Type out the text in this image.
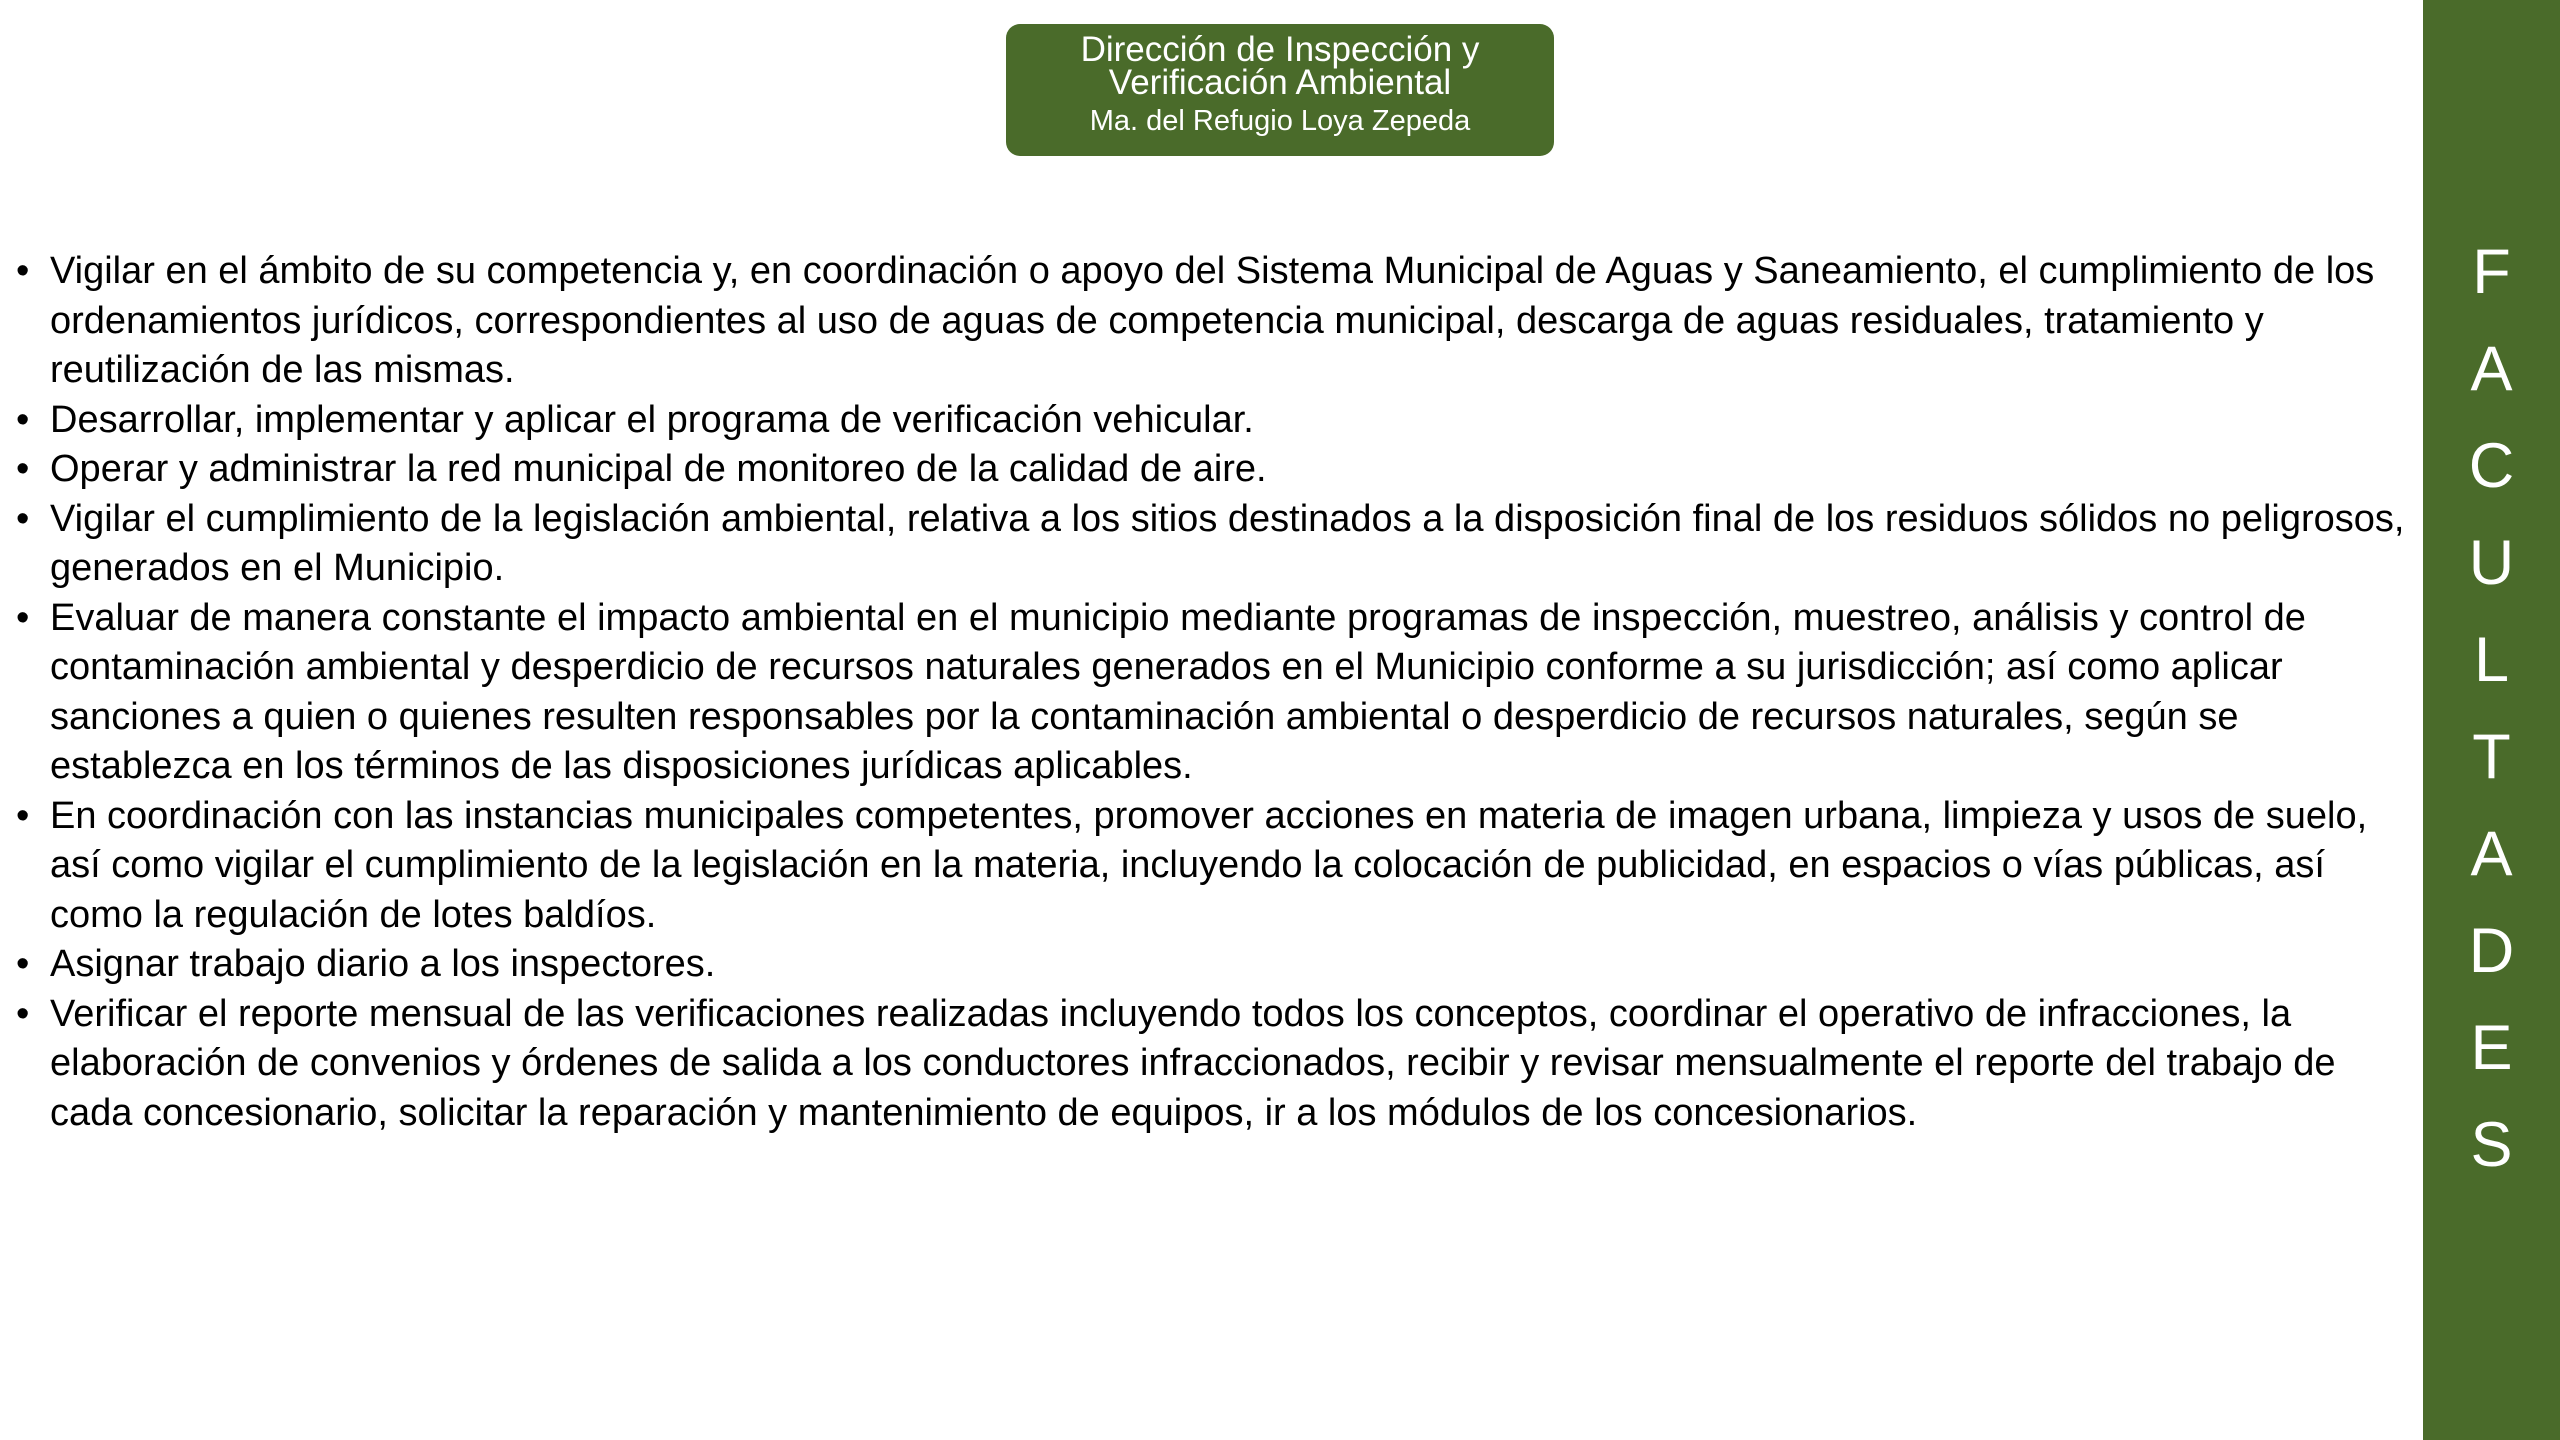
Dirección de Inspección y
Verificación Ambiental
Ma. del Refugio Loya Zepeda
• Vigilar en el ámbito de su competencia y, en coordinación o apoyo del Sistema Municipal de Aguas y Saneamiento, el cumplimiento de los ordenamientos jurídicos, correspondientes al uso de aguas de competencia municipal, descarga de aguas residuales, tratamiento y reutilización de las mismas.
• Desarrollar, implementar y aplicar el programa de verificación vehicular.
• Operar y administrar la red municipal de monitoreo de la calidad de aire.
• Vigilar el cumplimiento de la legislación ambiental, relativa a los sitios destinados a la disposición final de los residuos sólidos no peligrosos, generados en el Municipio.
• Evaluar de manera constante el impacto ambiental en el municipio mediante programas de inspección, muestreo, análisis y control de contaminación ambiental y desperdicio de recursos naturales generados en el Municipio conforme a su jurisdicción; así como aplicar sanciones a quien o quienes resulten responsables por la contaminación ambiental o desperdicio de recursos naturales, según se establezca en los términos de las disposiciones jurídicas aplicables.
• En coordinación con las instancias municipales competentes, promover acciones en materia de imagen urbana, limpieza y usos de suelo, así como vigilar el cumplimiento de la legislación en la materia, incluyendo la colocación de publicidad, en espacios o vías públicas, así como la regulación de lotes baldíos.
• Asignar trabajo diario a los inspectores.
• Verificar el reporte mensual de las verificaciones realizadas incluyendo todos los conceptos, coordinar el operativo de infracciones, la elaboración de convenios y órdenes de salida a los conductores infraccionados, recibir y revisar mensualmente el reporte del trabajo de cada concesionario, solicitar la reparación y mantenimiento de equipos, ir a los módulos de los concesionarios.
F
A
C
U
L
T
A
D
E
S
